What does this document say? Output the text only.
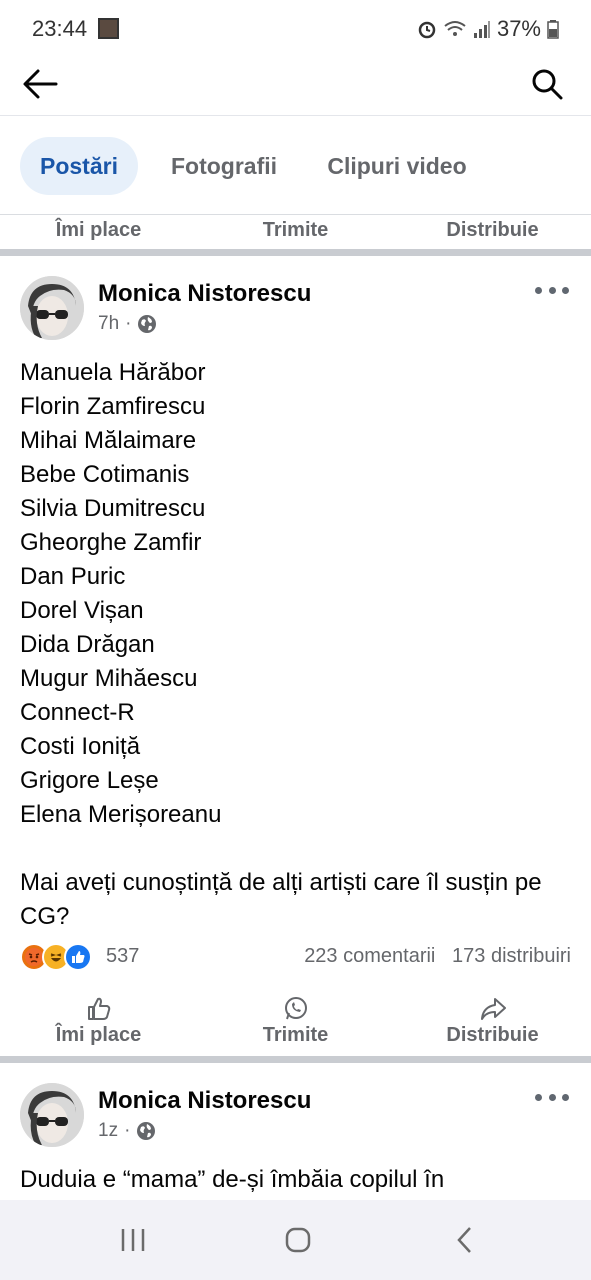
23:44	37%
Postări	Fotografii	Clipuri video
Îmi place	Trimite	Distribuie
Monica Nistorescu
7h ·
Manuela Hărăbor
Florin Zamfirescu
Mihai Mălaimare
Bebe Cotimanis
Silvia Dumitrescu
Gheorghe Zamfir
Dan Puric
Dorel Vișan
Dida Drăgan
Mugur Mihăescu
Connect-R
Costi Ioniță
Grigore Leșe
Elena Merișoreanu
Mai aveți cunoștință de alți artiști care îl susțin pe CG?
537	223 comentarii 173 distribuiri
Îmi place	Trimite	Distribuie
Monica Nistorescu
1z ·
Duduia e “mama” de-și îmbăia copilul în
